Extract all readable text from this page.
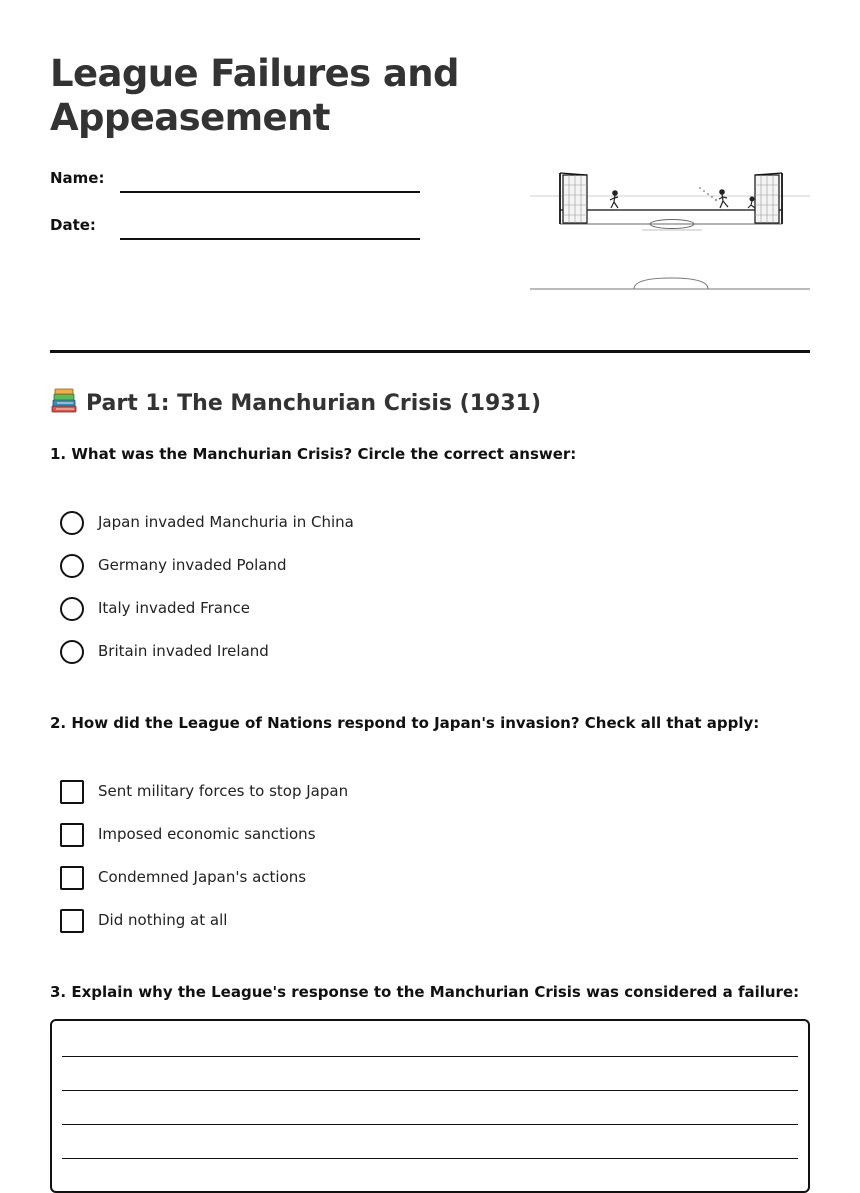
League Failures and Appeasement
Name:
Date:
Part 1: The Manchurian Crisis (1931)

1. What was the Manchurian Crisis? Circle the correct answer:

Japan invaded Manchuria in China
Germany invaded Poland
Italy invaded France
Britain invaded Ireland

2. How did the League of Nations respond to Japan's invasion? Check all that apply:

Sent military forces to stop Japan
Imposed economic sanctions
Condemned Japan's actions
Did nothing at all

3. Explain why the League's response to the Manchurian Crisis was considered a failure:
